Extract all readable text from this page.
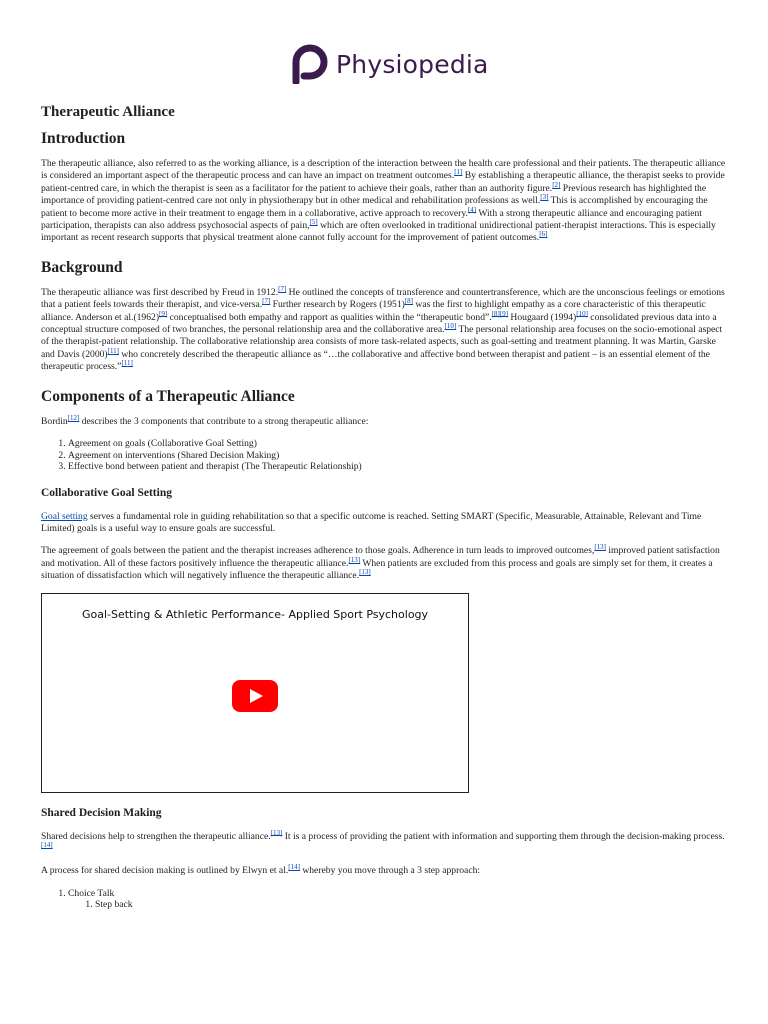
Physiopedia
Therapeutic Alliance
Introduction

The therapeutic alliance, also referred to as the working alliance, is a description of the interaction between the health care professional and their patients. The therapeutic alliance is considered an important aspect of the therapeutic process and can have an impact on treatment outcomes.[1] By establishing a therapeutic alliance, the therapist seeks to provide patient-centred care, in which the therapist is seen as a facilitator for the patient to achieve their goals, rather than an authority figure.[2] Previous research has highlighted the importance of providing patient-centred care not only in physiotherapy but in other medical and rehabilitation professions as well.[3] This is accomplished by encouraging the patient to become more active in their treatment to engage them in a collaborative, active approach to recovery.[4] With a strong therapeutic alliance and encouraging patient participation, therapists can also address psychosocial aspects of pain,[5] which are often overlooked in traditional unidirectional patient-therapist interactions. This is especially important as recent research supports that physical treatment alone cannot fully account for the improvement of patient outcomes.[6]

Background

The therapeutic alliance was first described by Freud in 1912.[7] He outlined the concepts of transference and countertransference, which are the unconscious feelings or emotions that a patient feels towards their therapist, and vice-versa.[7] Further research by Rogers (1951)[8] was the first to highlight empathy as a core characteristic of this therapeutic alliance. Anderson et al.(1962)[9] conceptualised both empathy and rapport as qualities within the “therapeutic bond”.[8][9] Hougaard (1994)[10] consolidated previous data into a conceptual structure composed of two branches, the personal relationship area and the collaborative area.[10] The personal relationship area focuses on the socio-emotional aspect of the therapist-patient relationship. The collaborative relationship area consists of more task-related aspects, such as goal-setting and treatment planning. It was Martin, Garske and Davis (2000)[11] who concretely described the therapeutic alliance as “…the collaborative and affective bond between therapist and patient – is an essential element of the therapeutic process.”[11]

Components of a Therapeutic Alliance

Bordin[12] describes the 3 components that contribute to a strong therapeutic alliance:

1. Agreement on goals (Collaborative Goal Setting)
2. Agreement on interventions (Shared Decision Making)
3. Effective bond between patient and therapist (The Therapeutic Relationship)
Collaborative Goal Setting

Goal setting serves a fundamental role in guiding rehabilitation so that a specific outcome is reached. Setting SMART (Specific, Measurable, Attainable, Relevant and Time Limited) goals is a useful way to ensure goals are successful.

The agreement of goals between the patient and the therapist increases adherence to those goals. Adherence in turn leads to improved outcomes,[13] improved patient satisfaction and motivation. All of these factors positively influence the therapeutic alliance.[13] When patients are excluded from this process and goals are simply set for them, it creates a situation of dissatisfaction which will negatively influence the therapeutic alliance.[13]

Goal-Setting & Athletic Performance- Applied Sport Psychology
Shared Decision Making

Shared decisions help to strengthen the therapeutic alliance.[13] It is a process of providing the patient with information and supporting them through the decision-making process.[14]

A process for shared decision making is outlined by Elwyn et al.[14] whereby you move through a 3 step approach:

1. Choice Talk
1. Step back
